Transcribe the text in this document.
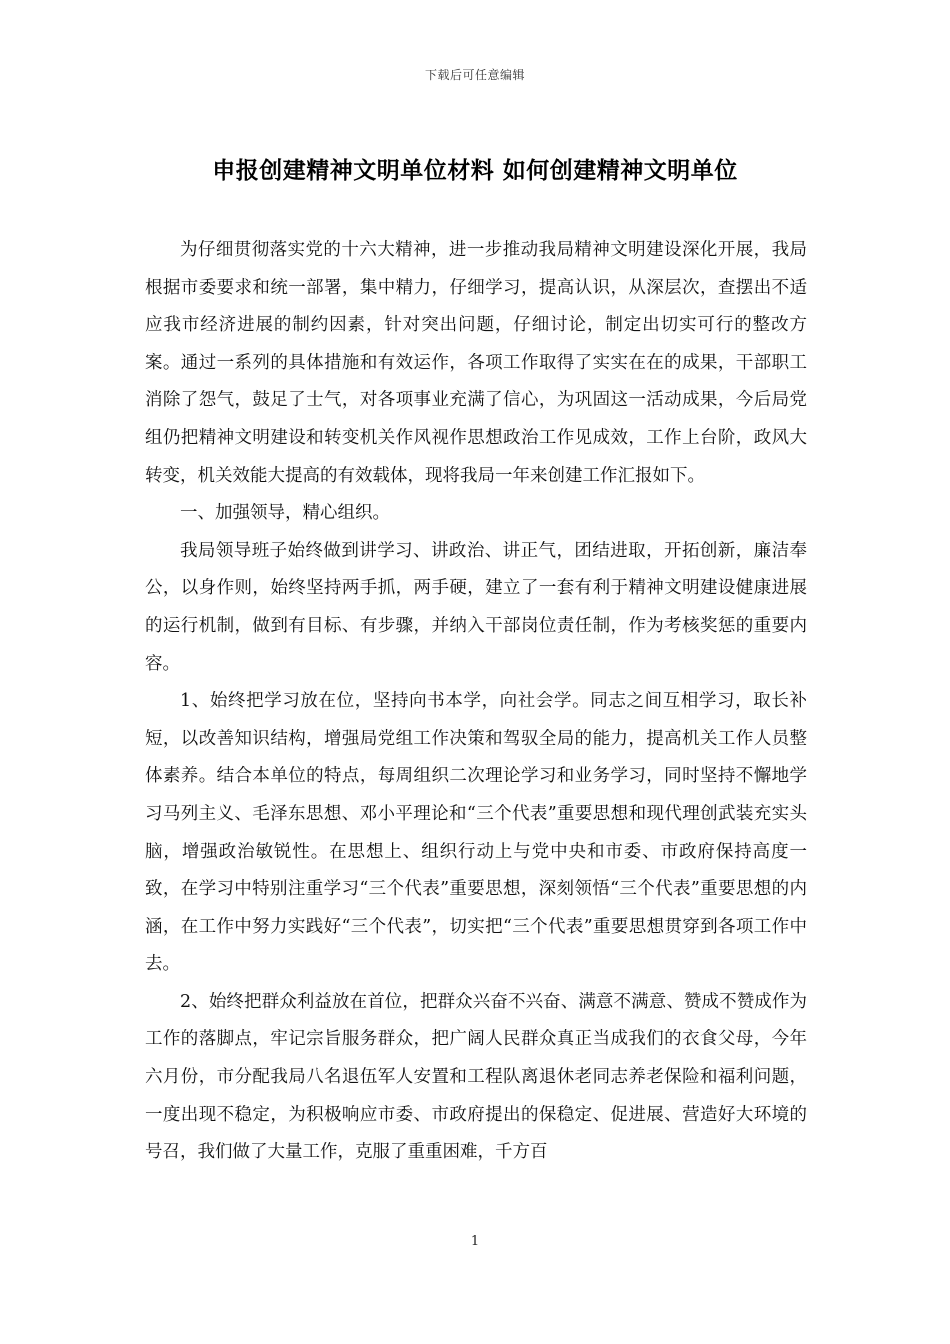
下载后可任意编辑
申报创建精神文明单位材料 如何创建精神文明单位

为仔细贯彻落实党的十六大精神，进一步推动我局精神文明建设深化开展，我局根据市委要求和统一部署，集中精力，仔细学习，提高认识，从深层次，查摆出不适应我市经济进展的制约因素，针对突出问题，仔细讨论，制定出切实可行的整改方案。通过一系列的具体措施和有效运作，各项工作取得了实实在在的成果，干部职工消除了怨气，鼓足了士气，对各项事业充满了信心，为巩固这一活动成果，今后局党组仍把精神文明建设和转变机关作风视作思想政治工作见成效，工作上台阶，政风大转变，机关效能大提高的有效载体，现将我局一年来创建工作汇报如下。

一、加强领导，精心组织。

我局领导班子始终做到讲学习、讲政治、讲正气，团结进取，开拓创新，廉洁奉公，以身作则，始终坚持两手抓，两手硬，建立了一套有利于精神文明建设健康进展的运行机制，做到有目标、有步骤，并纳入干部岗位责任制，作为考核奖惩的重要内容。

1、始终把学习放在位，坚持向书本学，向社会学。同志之间互相学习，取长补短，以改善知识结构，增强局党组工作决策和驾驭全局的能力，提高机关工作人员整体素养。结合本单位的特点，每周组织二次理论学习和业务学习，同时坚持不懈地学习马列主义、毛泽东思想、邓小平理论和“三个代表”重要思想和现代理创武装充实头脑，增强政治敏锐性。在思想上、组织行动上与党中央和市委、市政府保持高度一致，在学习中特别注重学习“三个代表”重要思想，深刻领悟“三个代表”重要思想的内涵，在工作中努力实践好“三个代表”，切实把“三个代表”重要思想贯穿到各项工作中去。

2、始终把群众利益放在首位，把群众兴奋不兴奋、满意不满意、赞成不赞成作为工作的落脚点，牢记宗旨服务群众，把广阔人民群众真正当成我们的衣食父母，今年六月份，市分配我局八名退伍军人安置和工程队离退休老同志养老保险和福利问题，一度出现不稳定，为积极响应市委、市政府提出的保稳定、促进展、营造好大环境的号召，我们做了大量工作，克服了重重困难，千方百

1
